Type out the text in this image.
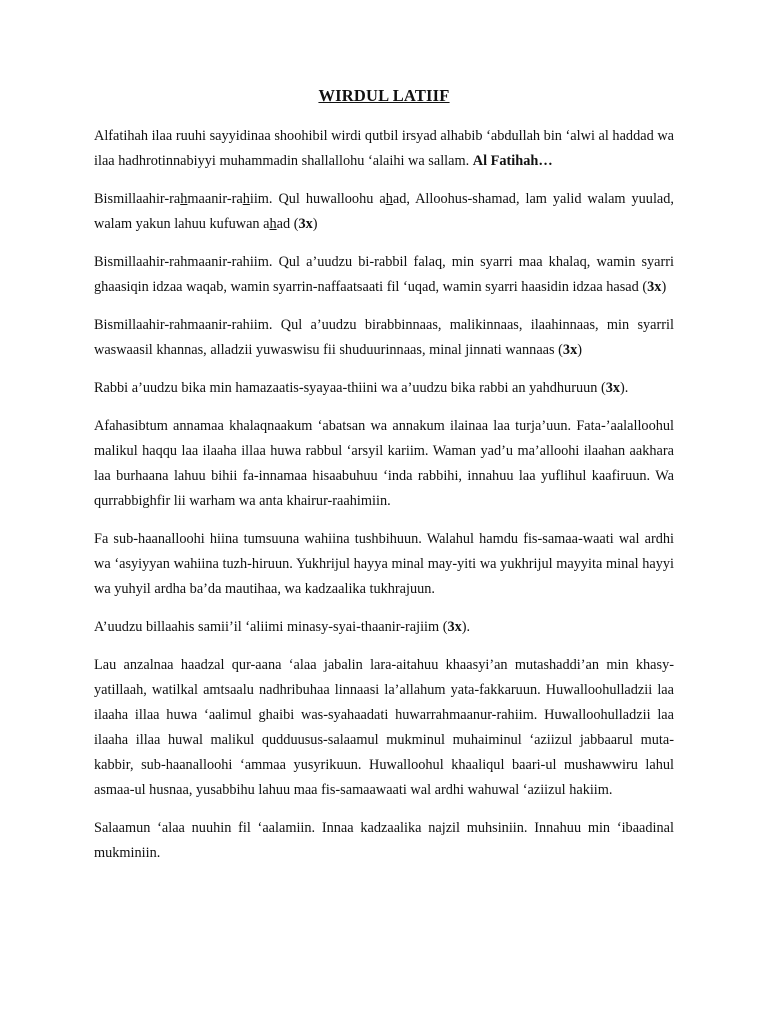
WIRDUL LATIIF

Alfatihah ilaa ruuhi sayyidinaa shoohibil wirdi qutbil irsyad alhabib ‘abdullah bin ‘alwi al haddad wa ilaa hadhrotinnabiyyi muhammadin shallallohu ‘alaihi wa sallam. Al Fatihah…

Bismillaahir-rahmaanir-rahiim. Qul huwalloohu ahad, Alloohus-shamad, lam yalid walam yuulad, walam yakun lahuu kufuwan ahad (3x)

Bismillaahir-rahmaanir-rahiim. Qul a’uudzu bi-rabbil falaq, min syarri maa khalaq, wamin syarri ghaasiqin idzaa waqab, wamin syarrin-naffaatsaati fil ‘uqad, wamin syarri haasidin idzaa hasad (3x)

Bismillaahir-rahmaanir-rahiim. Qul a’uudzu birabbinnaas, malikinnaas, ilaahinnaas, min syarril waswaasil khannas, alladzii yuwaswisu fii shuduurinnaas, minal jinnati wannaas (3x)

Rabbi a’uudzu bika min hamazaatis-syayaa-thiini wa a’uudzu bika rabbi an yahdhuruun (3x).

Afahasibtum annamaa khalaqnaakum ‘abatsan wa annakum ilainaa laa turja’uun. Fata-’aalalloohul malikul haqqu laa ilaaha illaa huwa rabbul ‘arsyil kariim. Waman yad’u ma’alloohi ilaahan aakhara laa burhaana lahuu bihii fa-innamaa hisaabuhuu ‘inda rabbihi, innahuu laa yuflihul kaafiruun. Wa qurrabbighfir lii warham wa anta khairur-raahimiin.

Fa sub-haanalloohi hiina tumsuuna wahiina tushbihuun. Walahul hamdu fis-samaa-waati wal ardhi wa ‘asyiyyan wahiina tuzh-hiruun. Yukhrijul hayya minal may-yiti wa yukhrijul mayyita minal hayyi wa yuhyil ardha ba’da mautihaa, wa kadzaalika tukhrajuun.

A’uudzu billaahis samii’il ‘aliimi minasy-syai-thaanir-rajiim (3x).

Lau anzalnaa haadzal qur-aana ‘alaa jabalin lara-aitahuu khaasyi’an mutashaddi’an min khasy-yatillaah, watilkal amtsaalu nadhribuhaa linnaasi la’allahum yata-fakkaruun. Huwalloohulladzii laa ilaaha illaa huwa ‘aalimul ghaibi was-syahaadati huwarrahmaanur-rahiim. Huwalloohulladzii laa ilaaha illaa huwal malikul qudduusus-salaamul mukminul muhaiminul ‘aziizul jabbaarul muta-kabbir, sub-haanalloohi ‘ammaa yusyrikuun. Huwalloohul khaaliqul baari-ul mushawwiru lahul asmaa-ul husnaa, yusabbihu lahuu maa fis-samaawaati wal ardhi wahuwal ‘aziizul hakiim.

Salaamun ‘alaa nuuhin fil ‘aalamiin. Innaa kadzaalika najzil muhsiniin. Innahuu min ‘ibaadinal mukminiin.
